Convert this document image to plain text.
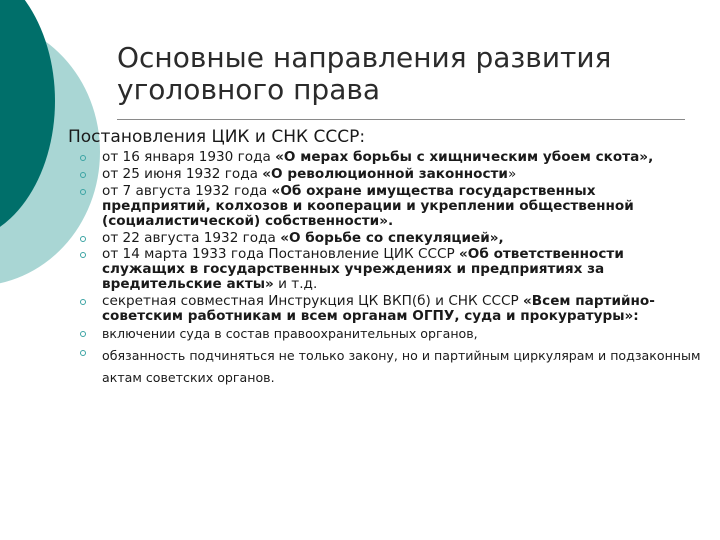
Основные направления развития уголовного права
Постановления ЦИК и СНК СССР:
от 16 января 1930 года «О мерах борьбы с хищническим убоем скота»,
от 25 июня 1932 года «О революционной законности»
от 7 августа 1932 года «Об охране имущества государственных предприятий, колхозов и кооперации и укреплении общественной (социалистической) собственности».
от 22 августа 1932 года «О борьбе со спекуляцией»,
от 14 марта 1933 года Постановление ЦИК СССР «Об ответственности служащих в государственных учреждениях и предприятиях за вредительские акты» и т.д.
секретная совместная Инструкция ЦК ВКП(б) и СНК СССР «Всем партийно-советским работникам и всем органам ОГПУ, суда и прокуратуры»:
включении суда в состав правоохранительных органов,
обязанность подчиняться не только закону, но и партийным циркулярам и подзаконным актам советских органов.
